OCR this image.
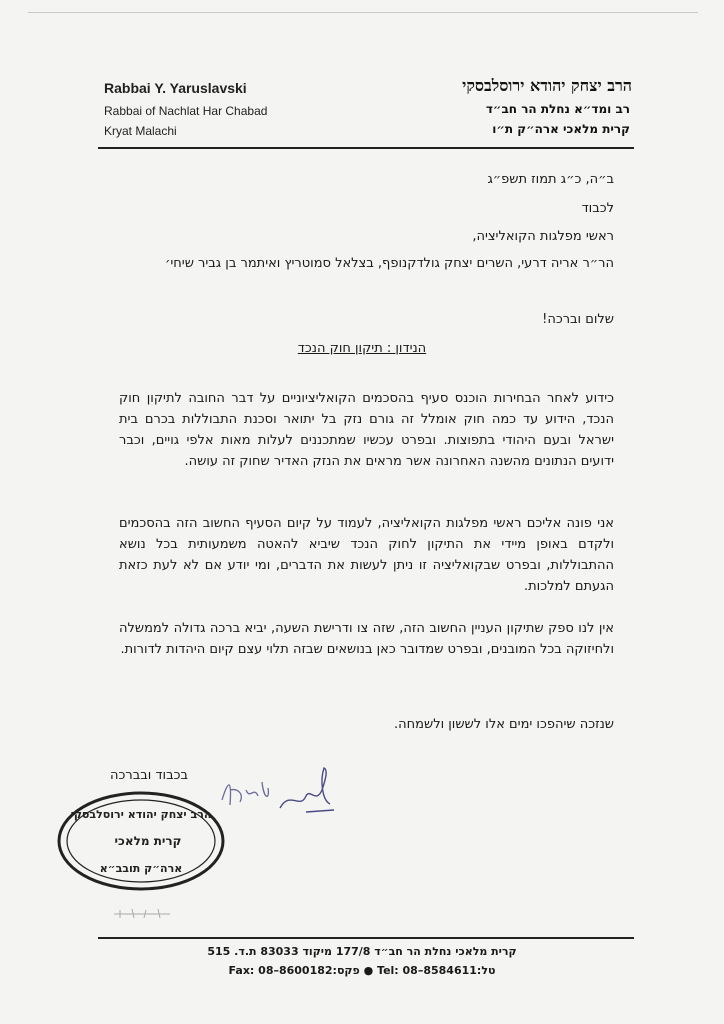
Rabbai Y. Yaruslavski
Rabbai of Nachlat Har Chabad
Kryat Malachi
הרב יצחק יהודא ירוסלבסקי
רב ומד״א נחלת הר חב״ד
קרית מלאכי ארה״ק ת״ו
ב״ה, כ״ג תמוז תשפ״ג
לכבוד
ראשי מפלגות הקואליציה,
הר״ר אריה דרעי, השרים יצחק גולדקנופף, בצלאל סמוטריץ ואיתמר בן גביר שיחי׳
שלום וברכה!
הנידון : תיקון חוק הנכד
כידוע לאחר הבחירות הוכנס סעיף בהסכמים הקואליציוניים על דבר החובה לתיקון חוק הנכד, הידוע עד כמה חוק אומלל זה גורם נזק בל יתואר וסכנת התבוללות בכרם בית ישראל ובעם היהודי בתפוצות. ובפרט עכשיו שמתכננים לעלות מאות אלפי גויים, וכבר ידועים הנתונים מהשנה האחרונה אשר מראים את הנזק האדיר שחוק זה עושה.
אני פונה אליכם ראשי מפלגות הקואליציה, לעמוד על קיום הסעיף החשוב הזה בהסכמים ולקדם באופן מיידי את התיקון לחוק הנכד שיביא להאטה משמעותית בכל נושא ההתבוללות, ובפרט שבקואליציה זו ניתן לעשות את הדברים, ומי יודע אם לא לעת כזאת הגעתם למלכות.
אין לנו ספק שתיקון העניין החשוב הזה, שזה צו ודרישת השעה, יביא ברכה גדולה לממשלה ולחיזוקה בכל המובנים, ובפרט שמדובר כאן בנושאים שבזה תלוי עצם קיום היהדות לדורות.
שנזכה שיהפכו ימים אלו לששון ולשמחה.
בכבוד ובברכה
הרב יצחק יהודא ירוסלבסקי
קרית מלאכי
ארה״ק תובב״א
קרית מלאכי נחלת הר חב״ד 177/8 מיקוד 83033 ת.ד. 515
Fax: 08–8600182:פקס ● Tel: 08–8584611:טל
